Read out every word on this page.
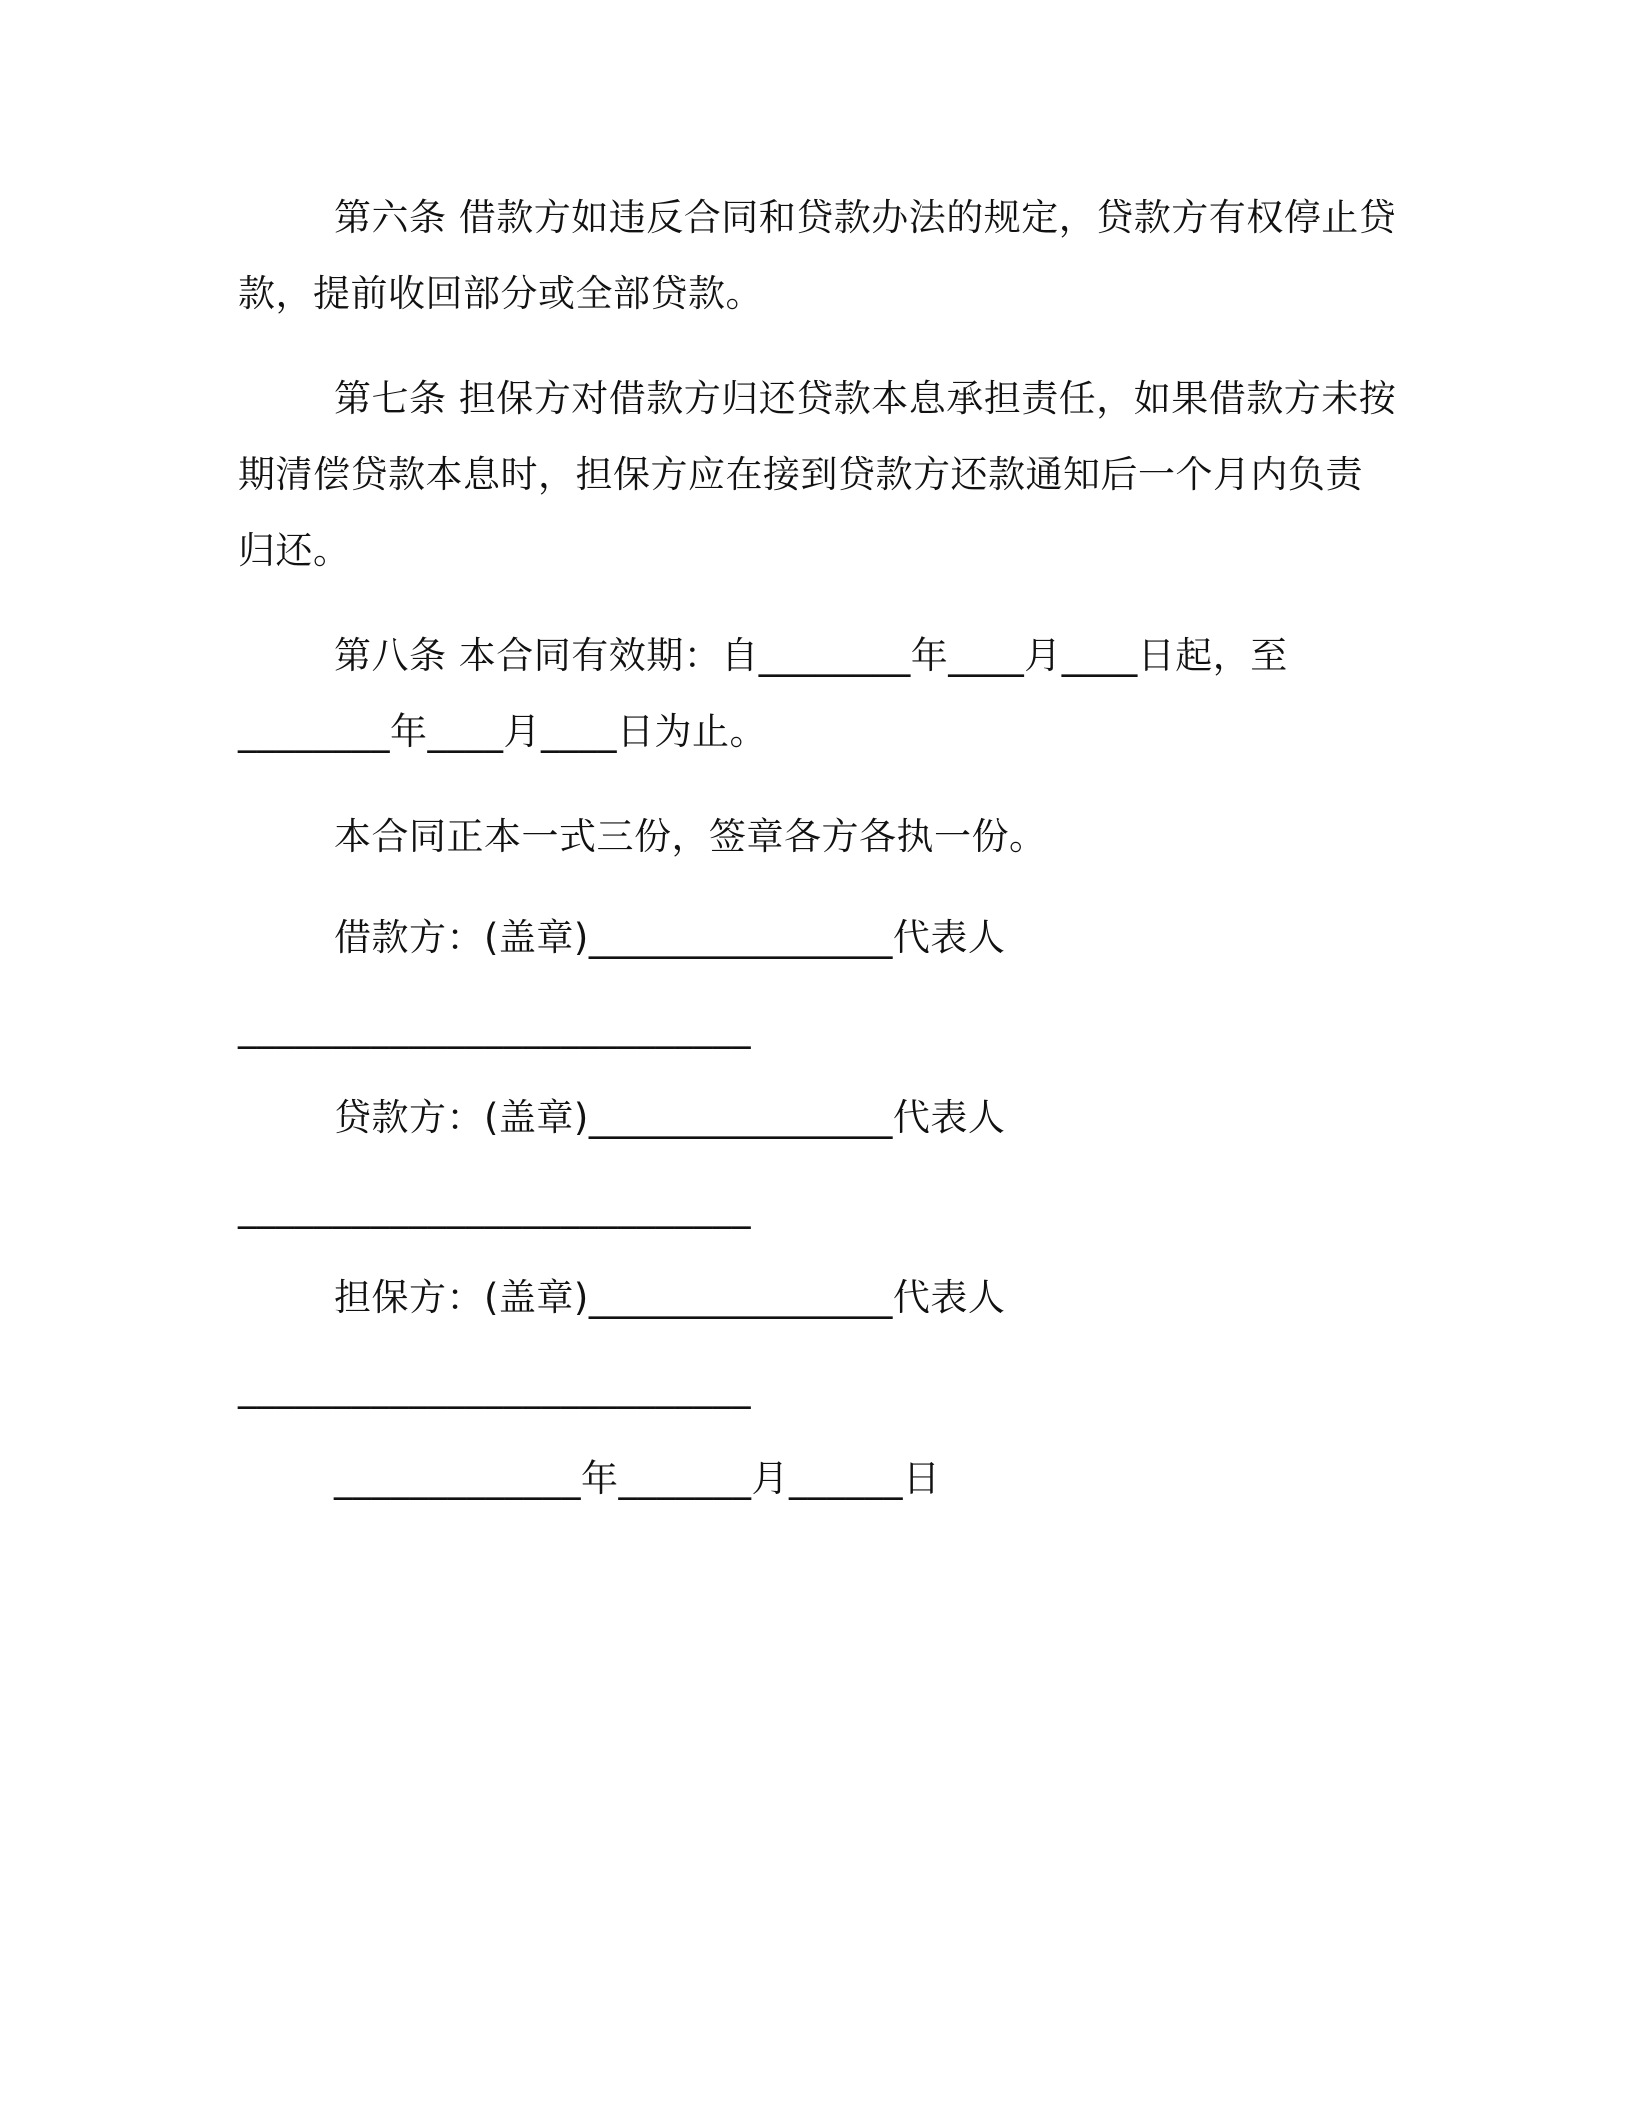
第六条 借款方如违反合同和贷款办法的规定，贷款方有权停止贷
款，提前收回部分或全部贷款。
第七条 担保方对借款方归还贷款本息承担责任，如果借款方未按
期清偿贷款本息时，担保方应在接到贷款方还款通知后一个月内负责
归还。
第八条 本合同有效期：自________年____月____日起，至
________年____月____日为止。
本合同正本一式三份，签章各方各执一份。
借款方：(盖章)________________代表人
___________________________
贷款方：(盖章)________________代表人
___________________________
担保方：(盖章)________________代表人
___________________________
_____________年_______月______日
